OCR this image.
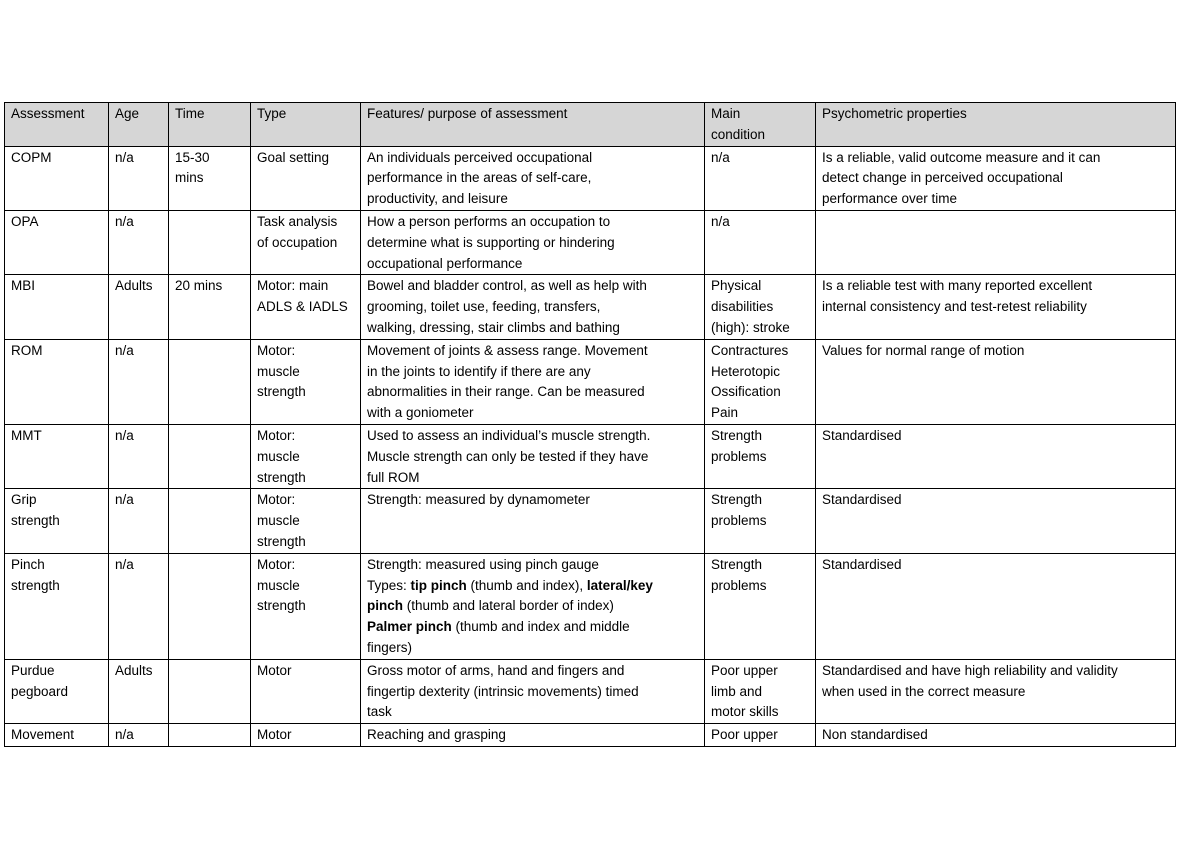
Assessment	Age	Time	Type	Features/ purpose of assessment	Main
condition	Psychometric properties
COPM	n/a	15-30
mins	Goal setting	An individuals perceived occupational
performance in the areas of self-care,
productivity, and leisure	n/a	Is a reliable, valid outcome measure and it can
detect change in perceived occupational
performance over time
OPA	n/a		Task analysis
of occupation	How a person performs an occupation to
determine what is supporting or hindering
occupational performance	n/a	
MBI	Adults	20 mins	Motor: main
ADLS & IADLS	Bowel and bladder control, as well as help with
grooming, toilet use, feeding, transfers,
walking, dressing, stair climbs and bathing	Physical
disabilities
(high): stroke	Is a reliable test with many reported excellent
internal consistency and test-retest reliability
ROM	n/a		Motor:
muscle
strength	Movement of joints & assess range. Movement
in the joints to identify if there are any
abnormalities in their range. Can be measured
with a goniometer	Contractures
Heterotopic
Ossification
Pain	Values for normal range of motion
MMT	n/a		Motor:
muscle
strength	Used to assess an individual’s muscle strength.
Muscle strength can only be tested if they have
full ROM	Strength
problems	Standardised
Grip
strength	n/a		Motor:
muscle
strength	Strength: measured by dynamometer	Strength
problems	Standardised
Pinch
strength	n/a		Motor:
muscle
strength	Strength: measured using pinch gauge
Types: tip pinch (thumb and index), lateral/key
pinch (thumb and lateral border of index)
Palmer pinch (thumb and index and middle
fingers)	Strength
problems	Standardised
Purdue
pegboard	Adults		Motor	Gross motor of arms, hand and fingers and
fingertip dexterity (intrinsic movements) timed
task	Poor upper
limb and
motor skills	Standardised and have high reliability and validity
when used in the correct measure
Movement	n/a		Motor	Reaching and grasping	Poor upper	Non standardised
